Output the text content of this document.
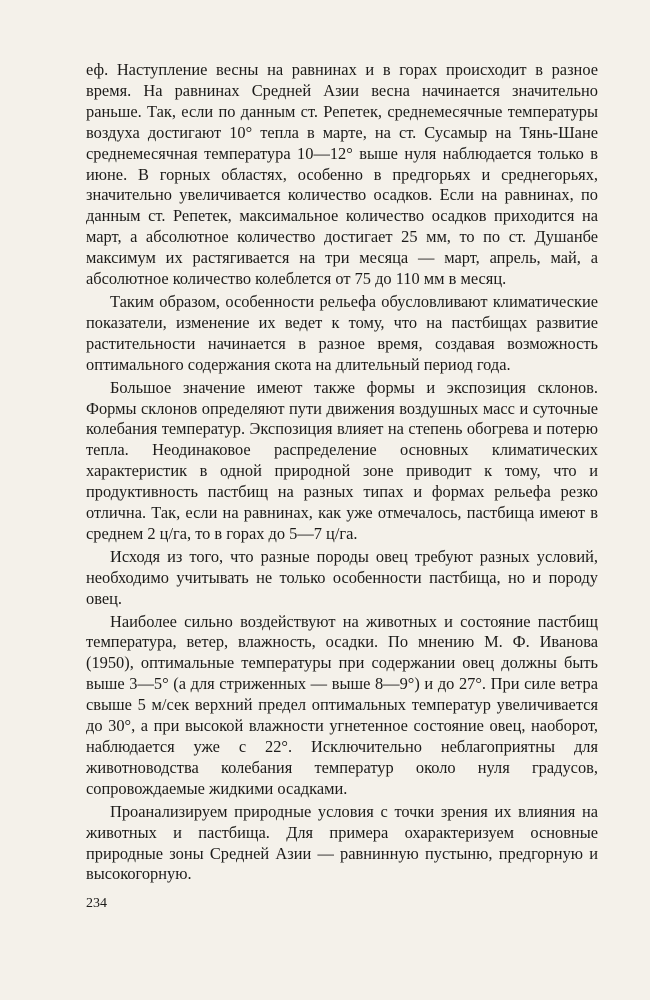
еф. Наступление весны на равнинах и в горах происходит в разное время. На равнинах Средней Азии весна начинается значительно раньше. Так, если по данным ст. Репетек, среднемесячные температуры воздуха достигают 10° тепла в марте, на ст. Сусамыр на Тянь-Шане среднемесячная температура 10—12° выше нуля наблюдается только в июне. В горных областях, особенно в предгорьях и среднегорьях, значительно увеличивается количество осадков. Если на равнинах, по данным ст. Репетек, максимальное количество осадков приходится на март, а абсолютное количество достигает 25 мм, то по ст. Душанбе максимум их растягивается на три месяца — март, апрель, май, а абсолютное количество колеблется от 75 до 110 мм в месяц.

Таким образом, особенности рельефа обусловливают климатические показатели, изменение их ведет к тому, что на пастбищах развитие растительности начинается в разное время, создавая возможность оптимального содержания скота на длительный период года.

Большое значение имеют также формы и экспозиция склонов. Формы склонов определяют пути движения воздушных масс и суточные колебания температур. Экспозиция влияет на степень обогрева и потерю тепла. Неодинаковое распределение основных климатических характеристик в одной природной зоне приводит к тому, что и продуктивность пастбищ на разных типах и формах рельефа резко отлична. Так, если на равнинах, как уже отмечалось, пастбища имеют в среднем 2 ц/га, то в горах до 5—7 ц/га.

Исходя из того, что разные породы овец требуют разных условий, необходимо учитывать не только особенности пастбища, но и породу овец.

Наиболее сильно воздействуют на животных и состояние пастбищ температура, ветер, влажность, осадки. По мнению М. Ф. Иванова (1950), оптимальные температуры при содержании овец должны быть выше 3—5° (а для стриженных — выше 8—9°) и до 27°. При силе ветра свыше 5 м/сек верхний предел оптимальных температур увеличивается до 30°, а при высокой влажности угнетенное состояние овец, наоборот, наблюдается уже с 22°. Исключительно неблагоприятны для животноводства колебания температур около нуля градусов, сопровождаемые жидкими осадками.

Проанализируем природные условия с точки зрения их влияния на животных и пастбища. Для примера охарактеризуем основные природные зоны Средней Азии — равнинную пустыню, предгорную и высокогорную.

234
